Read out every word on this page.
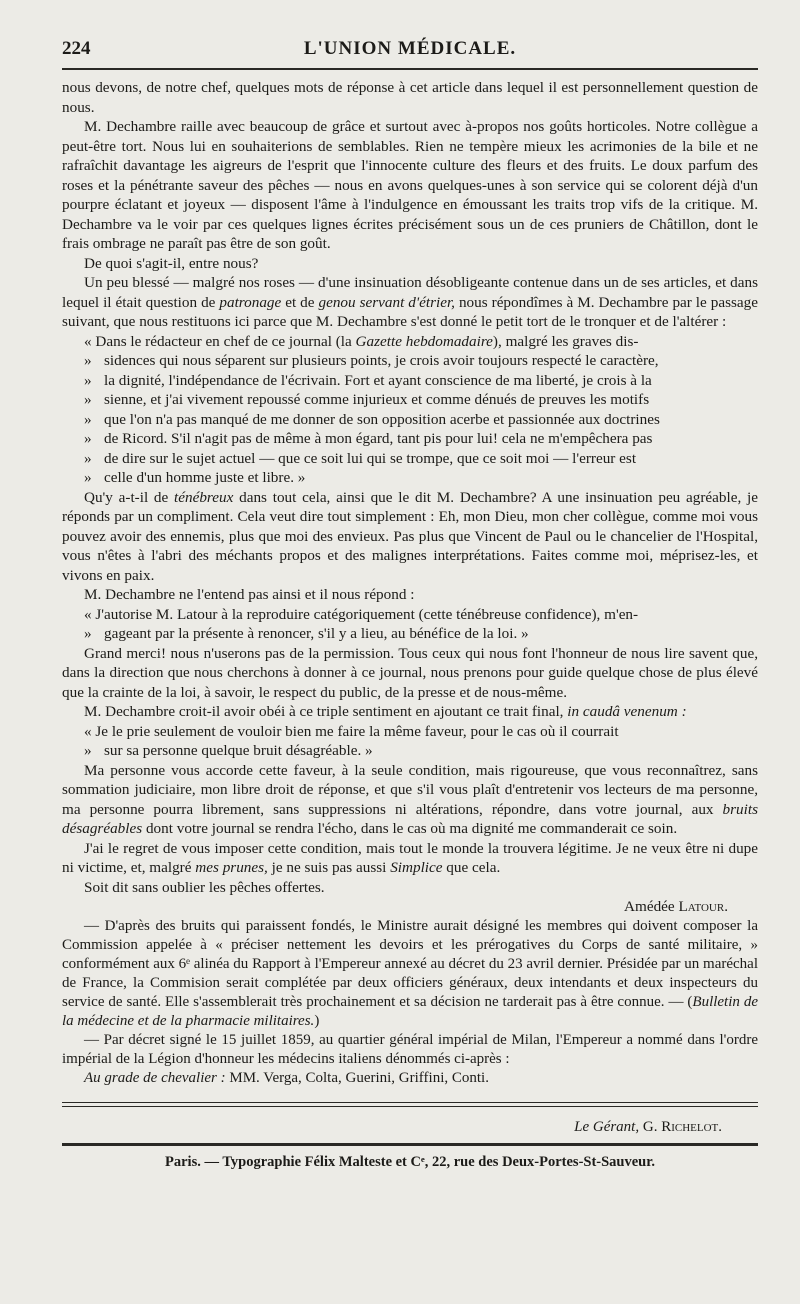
224	L'UNION MÉDICALE.

nous devons, de notre chef, quelques mots de réponse à cet article dans lequel il est personnellement question de nous.

M. Dechambre raille avec beaucoup de grâce et surtout avec à-propos nos goûts horticoles. Notre collègue a peut-être tort. Nous lui en souhaiterions de semblables. Rien ne tempère mieux les acrimonies de la bile et ne rafraîchit davantage les aigreurs de l'esprit que l'innocente culture des fleurs et des fruits. Le doux parfum des roses et la pénétrante saveur des pêches — nous en avons quelques-unes à son service qui se colorent déjà d'un pourpre éclatant et joyeux — disposent l'âme à l'indulgence en émoussant les traits trop vifs de la critique. M. Dechambre va le voir par ces quelques lignes écrites précisément sous un de ces pruniers de Châtillon, dont le frais ombrage ne paraît pas être de son goût.

De quoi s'agit-il, entre nous?

Un peu blessé — malgré nos roses — d'une insinuation désobligeante contenue dans un de ses articles, et dans lequel il était question de patronage et de genou servant d'étrier, nous répondîmes à M. Dechambre par le passage suivant, que nous restituons ici parce que M. Dechambre s'est donné le petit tort de le tronquer et de l'altérer :

« Dans le rédacteur en chef de ce journal (la Gazette hebdomadaire), malgré les graves dis-

» sidences qui nous séparent sur plusieurs points, je crois avoir toujours respecté le caractère,

» la dignité, l'indépendance de l'écrivain. Fort et ayant conscience de ma liberté, je crois à la

» sienne, et j'ai vivement repoussé comme injurieux et comme dénués de preuves les motifs

» que l'on n'a pas manqué de me donner de son opposition acerbe et passionnée aux doctrines

» de Ricord. S'il n'agit pas de même à mon égard, tant pis pour lui! cela ne m'empêchera pas

» de dire sur le sujet actuel — que ce soit lui qui se trompe, que ce soit moi — l'erreur est

» celle d'un homme juste et libre. »

Qu'y a-t-il de ténébreux dans tout cela, ainsi que le dit M. Dechambre? A une insinuation peu agréable, je réponds par un compliment. Cela veut dire tout simplement : Eh, mon Dieu, mon cher collègue, comme moi vous pouvez avoir des ennemis, plus que moi des envieux. Pas plus que Vincent de Paul ou le chancelier de l'Hospital, vous n'êtes à l'abri des méchants propos et des malignes interprétations. Faites comme moi, méprisez-les, et vivons en paix.

M. Dechambre ne l'entend pas ainsi et il nous répond :

« J'autorise M. Latour à la reproduire catégoriquement (cette ténébreuse confidence), m'en-

» gageant par la présente à renoncer, s'il y a lieu, au bénéfice de la loi. »

Grand merci! nous n'userons pas de la permission. Tous ceux qui nous font l'honneur de nous lire savent que, dans la direction que nous cherchons à donner à ce journal, nous prenons pour guide quelque chose de plus élevé que la crainte de la loi, à savoir, le respect du public, de la presse et de nous-même.

M. Dechambre croit-il avoir obéi à ce triple sentiment en ajoutant ce trait final, in caudâ venenum :

« Je le prie seulement de vouloir bien me faire la même faveur, pour le cas où il courrait

» sur sa personne quelque bruit désagréable. »

Ma personne vous accorde cette faveur, à la seule condition, mais rigoureuse, que vous reconnaîtrez, sans sommation judiciaire, mon libre droit de réponse, et que s'il vous plaît d'entretenir vos lecteurs de ma personne, ma personne pourra librement, sans suppressions ni altérations, répondre, dans votre journal, aux bruits désagréables dont votre journal se rendra l'écho, dans le cas où ma dignité me commanderait ce soin.

J'ai le regret de vous imposer cette condition, mais tout le monde la trouvera légitime. Je ne veux être ni dupe ni victime, et, malgré mes prunes, je ne suis pas aussi Simplice que cela.

Soit dit sans oublier les pêches offertes.

Amédée Latour.

— D'après des bruits qui paraissent fondés, le Ministre aurait désigné les membres qui doivent composer la Commission appelée à « préciser nettement les devoirs et les prérogatives du Corps de santé militaire, » conformément aux 6ᵉ alinéa du Rapport à l'Empereur annexé au décret du 23 avril dernier. Présidée par un maréchal de France, la Commision serait complétée par deux officiers généraux, deux intendants et deux inspecteurs du service de santé. Elle s'assemblerait très prochainement et sa décision ne tarderait pas à être connue. — (Bulletin de la médecine et de la pharmacie militaires.)

— Par décret signé le 15 juillet 1859, au quartier général impérial de Milan, l'Empereur a nommé dans l'ordre impérial de la Légion d'honneur les médecins italiens dénommés ci-après :

Au grade de chevalier : MM. Verga, Colta, Guerini, Griffini, Conti.

Le Gérant, G. Richelot.
Paris. — Typographie Félix Malteste et Cᵉ, 22, rue des Deux-Portes-St-Sauveur.
